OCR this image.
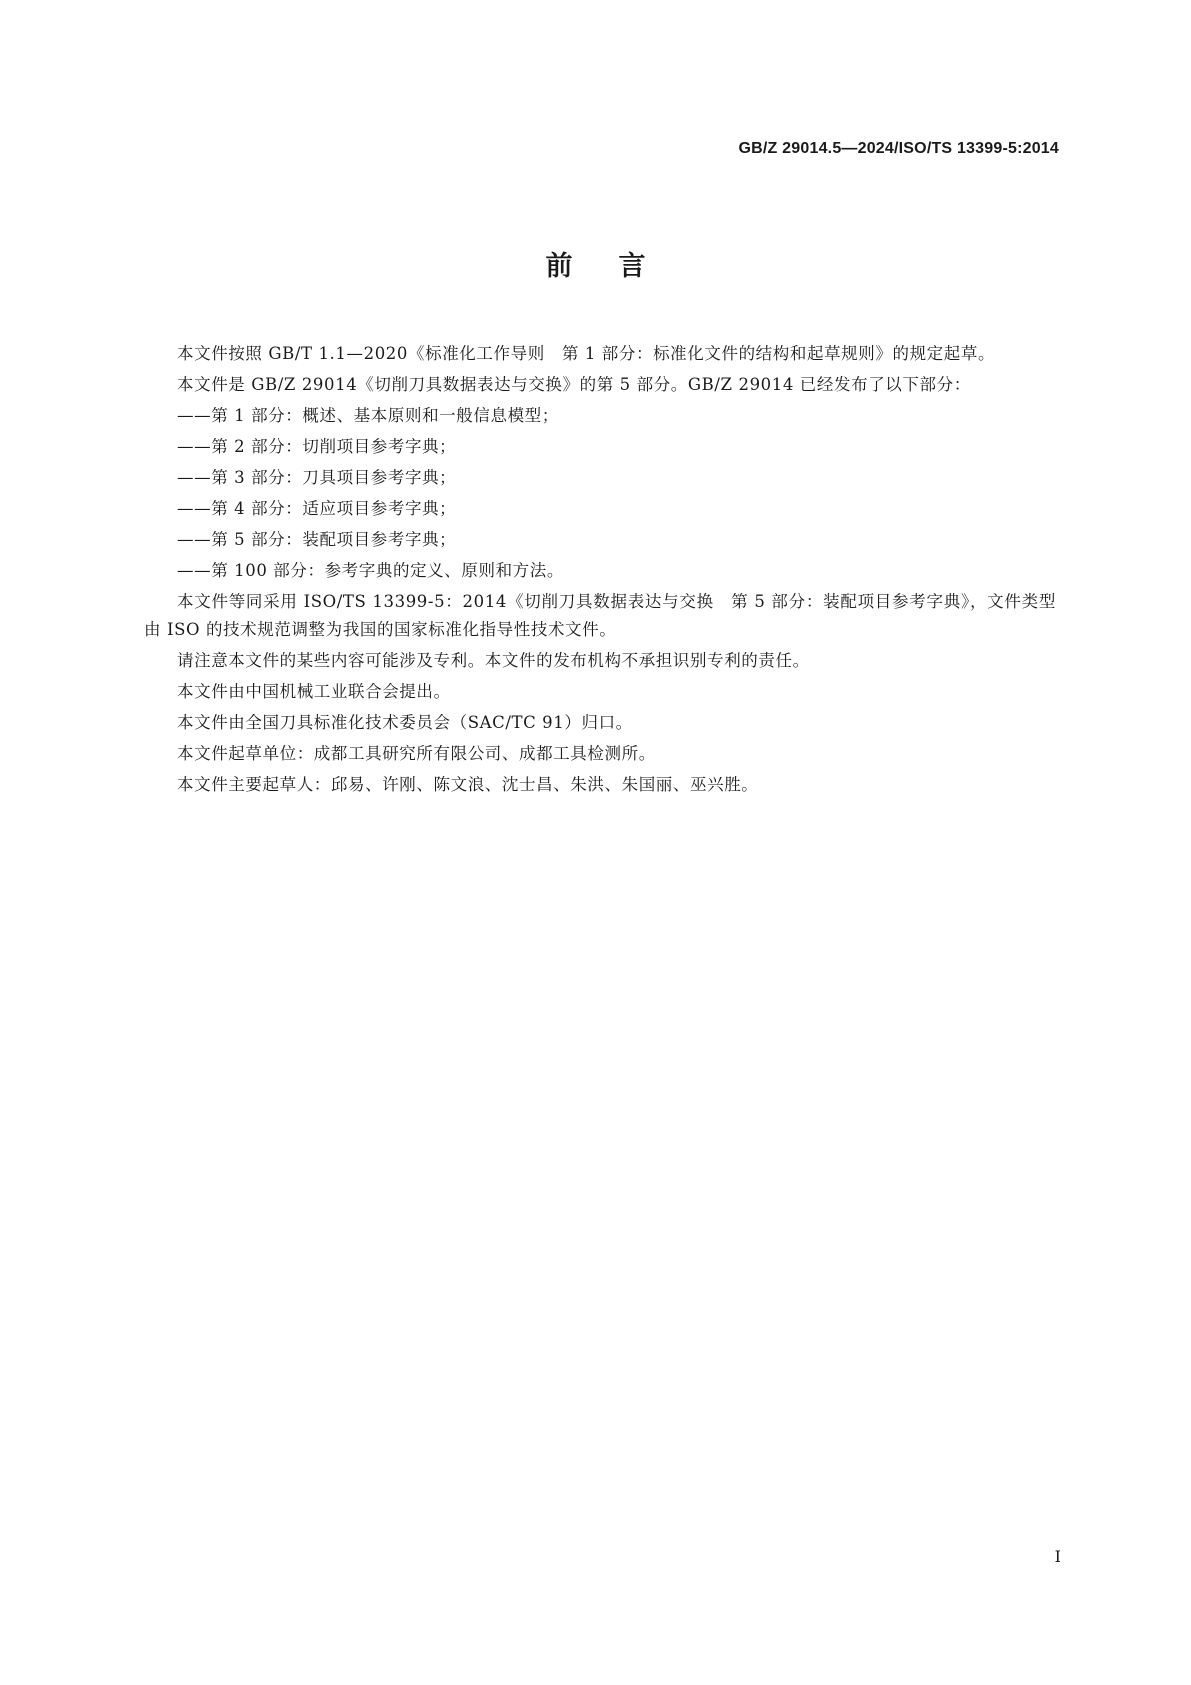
GB/Z 29014.5—2024/ISO/TS 13399-5:2014
前言

本文件按照 GB/T 1.1—2020《标准化工作导则　第 1 部分：标准化文件的结构和起草规则》的规定起草。

本文件是 GB/Z 29014《切削刀具数据表达与交换》的第 5 部分。GB/Z 29014 已经发布了以下部分：

——第 1 部分：概述、基本原则和一般信息模型；

——第 2 部分：切削项目参考字典；

——第 3 部分：刀具项目参考字典；

——第 4 部分：适应项目参考字典；

——第 5 部分：装配项目参考字典；

——第 100 部分：参考字典的定义、原则和方法。

本文件等同采用 ISO/TS 13399-5：2014《切削刀具数据表达与交换　第 5 部分：装配项目参考字典》，文件类型由 ISO 的技术规范调整为我国的国家标准化指导性技术文件。

请注意本文件的某些内容可能涉及专利。本文件的发布机构不承担识别专利的责任。

本文件由中国机械工业联合会提出。

本文件由全国刀具标准化技术委员会（SAC/TC 91）归口。

本文件起草单位：成都工具研究所有限公司、成都工具检测所。

本文件主要起草人：邱易、许刚、陈文浪、沈士昌、朱洪、朱国丽、巫兴胜。

I
